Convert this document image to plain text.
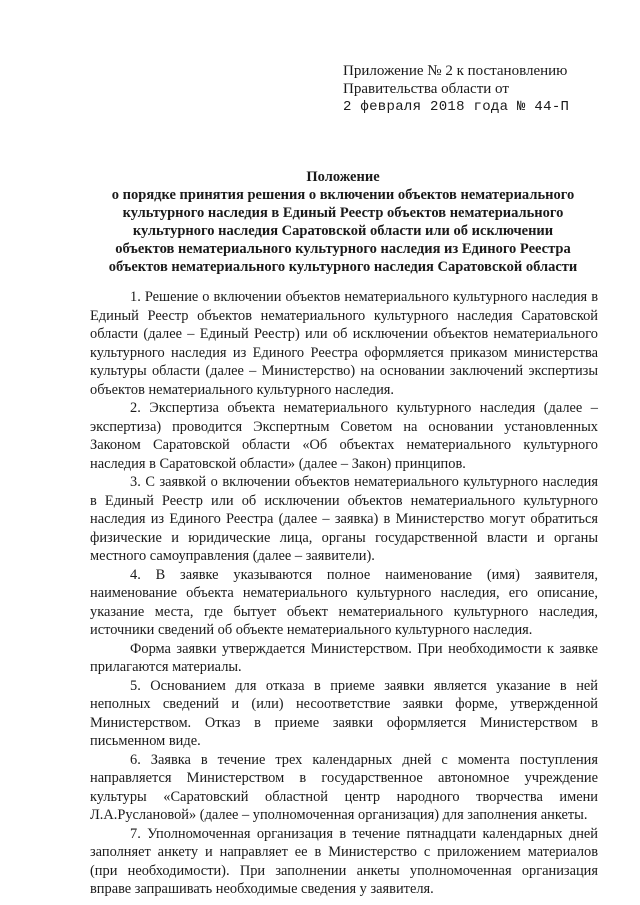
Приложение № 2 к постановлению
Правительства области от
2 февраля 2018 года № 44-П
Положение
о порядке принятия решения о включении объектов нематериального
культурного наследия в Единый Реестр объектов нематериального
культурного наследия Саратовской области или об исключении
объектов нематериального культурного наследия из Единого Реестра
объектов нематериального культурного наследия Саратовской области

1. Решение о включении объектов нематериального культурного наследия в Единый Реестр объектов нематериального культурного наследия Саратовской области (далее – Единый Реестр) или об исключении объектов нематериального культурного наследия из Единого Реестра оформляется приказом министерства культуры области (далее – Министерство) на основании заключений экспертизы объектов нематериального культурного наследия.

2. Экспертиза объекта нематериального культурного наследия (далее – экспертиза) проводится Экспертным Советом на основании установленных Законом Саратовской области «Об объектах нематериального культурного наследия в Саратовской области» (далее – Закон) принципов.

3. С заявкой о включении объектов нематериального культурного наследия в Единый Реестр или об исключении объектов нематериального культурного наследия из Единого Реестра (далее – заявка) в Министерство могут обратиться физические и юридические лица, органы государственной власти и органы местного самоуправления (далее – заявители).

4. В заявке указываются полное наименование (имя) заявителя, наименование объекта нематериального культурного наследия, его описание, указание места, где бытует объект нематериального культурного наследия, источники сведений об объекте нематериального культурного наследия.

Форма заявки утверждается Министерством. При необходимости к заявке прилагаются материалы.

5. Основанием для отказа в приеме заявки является указание в ней неполных сведений и (или) несоответствие заявки форме, утвержденной Министерством. Отказ в приеме заявки оформляется Министерством в письменном виде.

6. Заявка в течение трех календарных дней с момента поступления направляется Министерством в государственное автономное учреждение культуры «Саратовский областной центр народного творчества имени Л.А.Руслановой» (далее – уполномоченная организация) для заполнения анкеты.

7. Уполномоченная организация в течение пятнадцати календарных дней заполняет анкету и направляет ее в Министерство с приложением материалов (при необходимости). При заполнении анкеты уполномоченная организация вправе запрашивать необходимые сведения у заявителя.
